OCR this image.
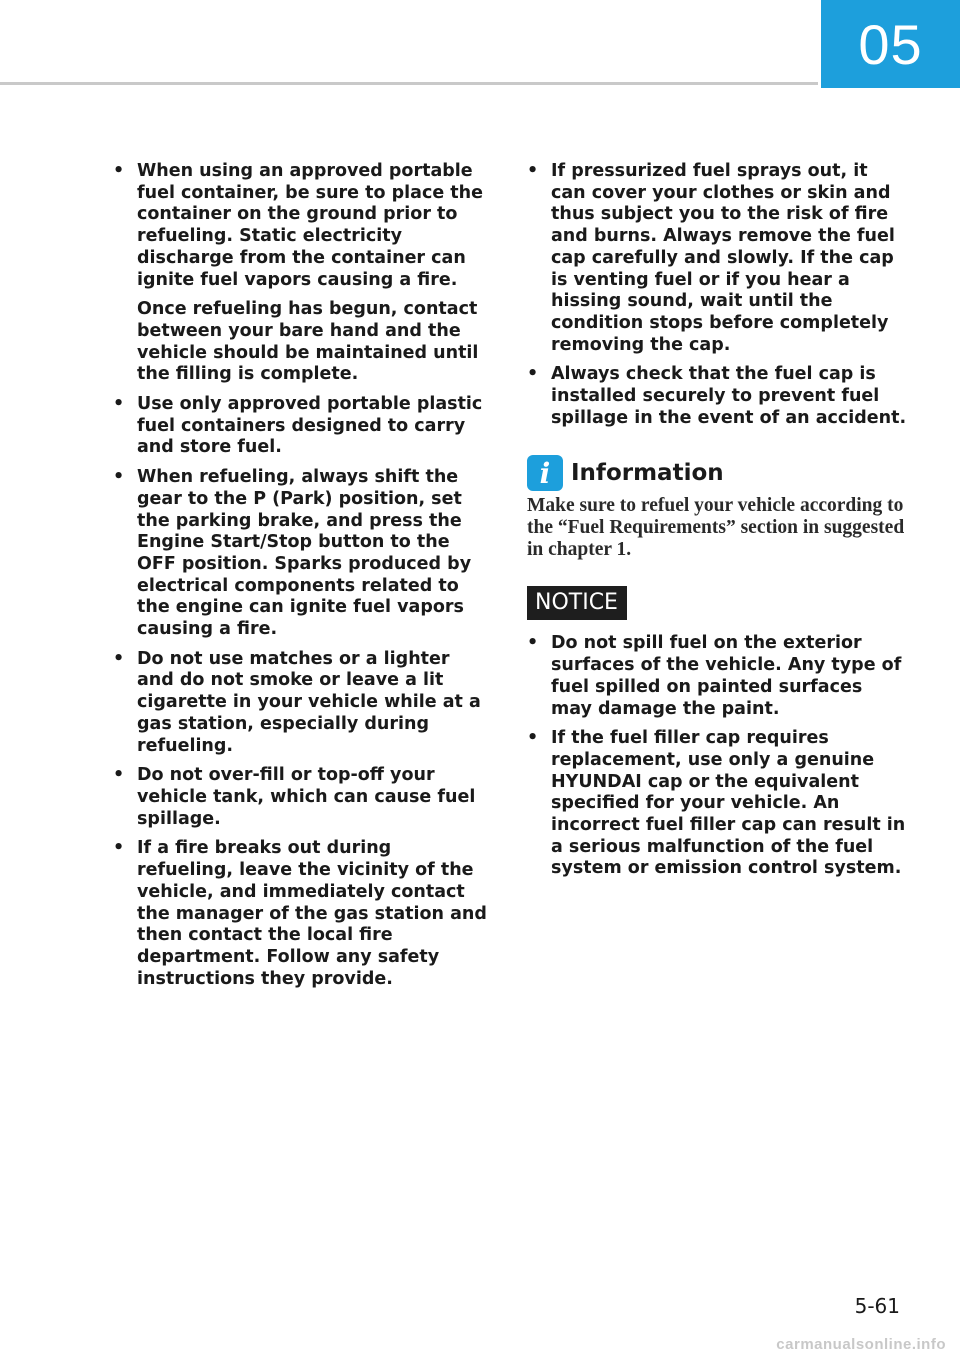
05

• When using an approved portable fuel container, be sure to place the container on the ground prior to refueling. Static electricity discharge from the container can ignite fuel vapors causing a fire.

Once refueling has begun, contact between your bare hand and the vehicle should be maintained until the filling is complete.

• Use only approved portable plastic fuel containers designed to carry and store fuel.
• When refueling, always shift the gear to the P (Park) position, set the parking brake, and press the Engine Start/Stop button to the OFF position. Sparks produced by electrical components related to the engine can ignite fuel vapors causing a fire.
• Do not use matches or a lighter and do not smoke or leave a lit cigarette in your vehicle while at a gas station, especially during refueling.
• Do not over-fill or top-off your vehicle tank, which can cause fuel spillage.
• If a fire breaks out during refueling, leave the vicinity of the vehicle, and immediately contact the manager of the gas station and then contact the local fire department. Follow any safety instructions they provide.
• If pressurized fuel sprays out, it can cover your clothes or skin and thus subject you to the risk of fire and burns. Always remove the fuel cap carefully and slowly. If the cap is venting fuel or if you hear a hissing sound, wait until the condition stops before completely removing the cap.
• Always check that the fuel cap is installed securely to prevent fuel spillage in the event of an accident.
i Information

Make sure to refuel your vehicle according to the “Fuel Requirements” section in suggested in chapter 1.

NOTICE
• Do not spill fuel on the exterior surfaces of the vehicle. Any type of fuel spilled on painted surfaces may damage the paint.
• If the fuel filler cap requires replacement, use only a genuine HYUNDAI cap or the equivalent specified for your vehicle. An incorrect fuel filler cap can result in a serious malfunction of the fuel system or emission control system.
5-61
carmanualsonline.info
